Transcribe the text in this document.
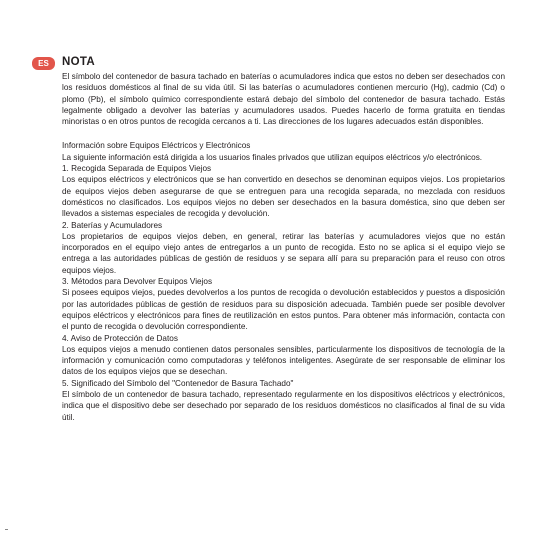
ES	NOTA

El símbolo del contenedor de basura tachado en baterías o acumuladores indica que estos no deben ser desechados con los residuos domésticos al final de su vida útil. Si las baterías o acumuladores contienen mercurio (Hg), cadmio (Cd) o plomo (Pb), el símbolo químico correspondiente estará debajo del símbolo del contenedor de basura tachado. Estás legalmente obligado a devolver las baterías y acumuladores usados. Puedes hacerlo de forma gratuita en tiendas minoristas o en otros puntos de recogida cercanos a ti. Las direcciones de los lugares adecuados están disponibles.

Información sobre Equipos Eléctricos y Electrónicos

La siguiente información está dirigida a los usuarios finales privados que utilizan equipos eléctricos y/o electrónicos.

1. Recogida Separada de Equipos Viejos

Los equipos eléctricos y electrónicos que se han convertido en desechos se denominan equipos viejos. Los propietarios de equipos viejos deben asegurarse de que se entreguen para una recogida separada, no mezclada con residuos domésticos no clasificados. Los equipos viejos no deben ser desechados en la basura doméstica, sino que deben ser llevados a sistemas especiales de recogida y devolución.

2. Baterías y Acumuladores

Los propietarios de equipos viejos deben, en general, retirar las baterías y acumuladores viejos que no están incorporados en el equipo viejo antes de entregarlos a un punto de recogida. Esto no se aplica si el equipo viejo se entrega a las autoridades públicas de gestión de residuos y se separa allí para su preparación para el reuso con otros equipos viejos.

3. Métodos para Devolver Equipos Viejos

Si posees equipos viejos, puedes devolverlos a los puntos de recogida o devolución establecidos y puestos a disposición por las autoridades públicas de gestión de residuos para su disposición adecuada. También puede ser posible devolver equipos eléctricos y electrónicos para fines de reutilización en estos puntos. Para obtener más información, contacta con el punto de recogida o devolución correspondiente.

4. Aviso de Protección de Datos

Los equipos viejos a menudo contienen datos personales sensibles, particularmente los dispositivos de tecnología de la información y comunicación como computadoras y teléfonos inteligentes. Asegúrate de ser responsable de eliminar los datos de los equipos viejos que se desechan.

5. Significado del Símbolo del "Contenedor de Basura Tachado"

El símbolo de un contenedor de basura tachado, representado regularmente en los dispositivos eléctricos y electrónicos, indica que el dispositivo debe ser desechado por separado de los residuos domésticos no clasificados al final de su vida útil.
